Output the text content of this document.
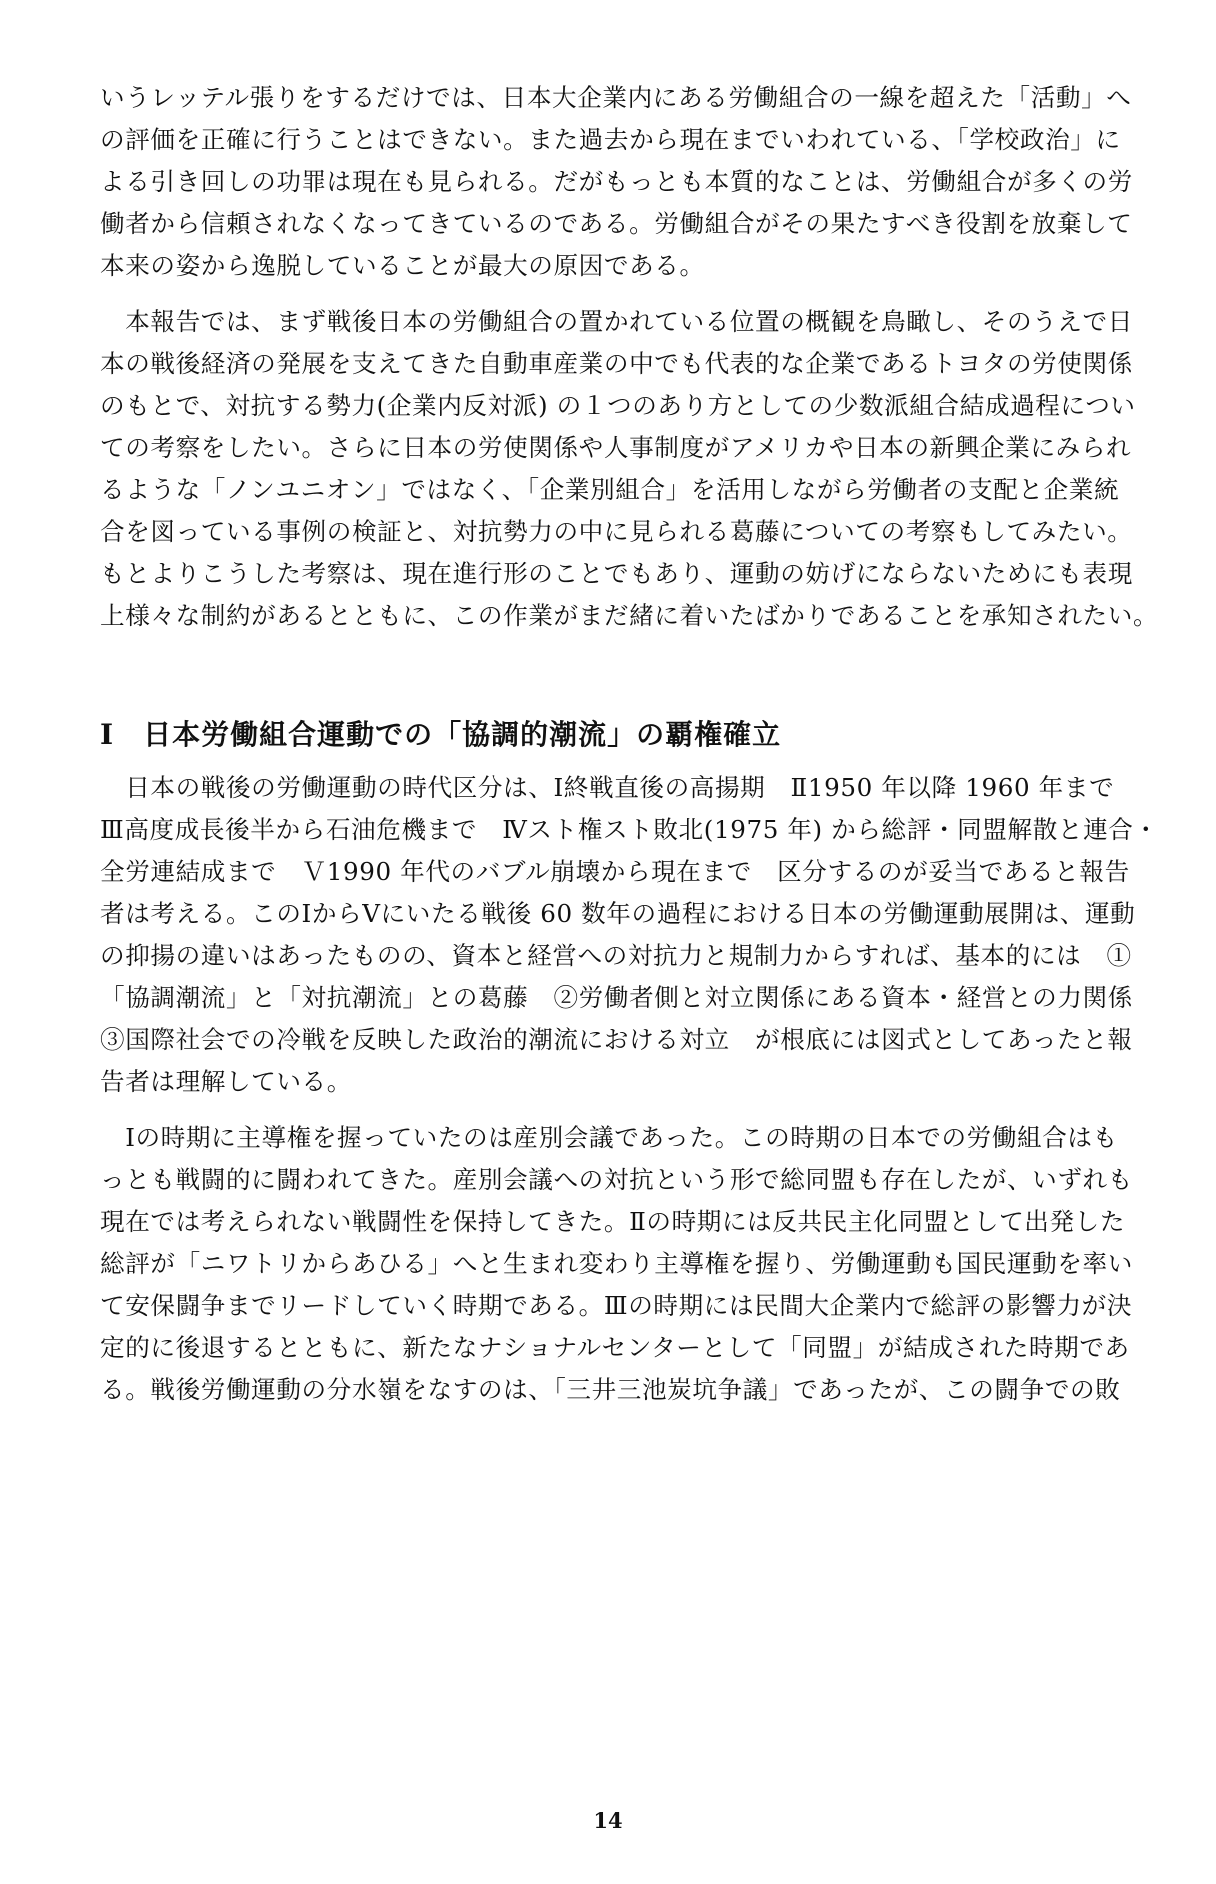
いうレッテル張りをするだけでは、日本大企業内にある労働組合の一線を超えた「活動」へ
の評価を正確に行うことはできない。また過去から現在までいわれている、「学校政治」に
よる引き回しの功罪は現在も見られる。だがもっとも本質的なことは、労働組合が多くの労
働者から信頼されなくなってきているのである。労働組合がその果たすべき役割を放棄して
本来の姿から逸脱していることが最大の原因である。
　本報告では、まず戦後日本の労働組合の置かれている位置の概観を鳥瞰し、そのうえで日
本の戦後経済の発展を支えてきた自動車産業の中でも代表的な企業であるトヨタの労使関係
のもとで、対抗する勢力(企業内反対派) の１つのあり方としての少数派組合結成過程につい
ての考察をしたい。さらに日本の労使関係や人事制度がアメリカや日本の新興企業にみられ
るような「ノンユニオン」ではなく、「企業別組合」を活用しながら労働者の支配と企業統
合を図っている事例の検証と、対抗勢力の中に見られる葛藤についての考察もしてみたい。
もとよりこうした考察は、現在進行形のことでもあり、運動の妨げにならないためにも表現
上様々な制約があるとともに、この作業がまだ緒に着いたばかりであることを承知されたい。
Ⅰ　日本労働組合運動での「協調的潮流」の覇権確立
　日本の戦後の労働運動の時代区分は、Ⅰ終戦直後の高揚期　Ⅱ1950 年以降 1960 年まで
Ⅲ高度成長後半から石油危機まで　Ⅳスト権スト敗北(1975 年) から総評・同盟解散と連合・
全労連結成まで　Ｖ1990 年代のバブル崩壊から現在まで　区分するのが妥当であると報告
者は考える。このⅠからⅤにいたる戦後 60 数年の過程における日本の労働運動展開は、運動
の抑揚の違いはあったものの、資本と経営への対抗力と規制力からすれば、基本的には　①
「協調潮流」と「対抗潮流」との葛藤　②労働者側と対立関係にある資本・経営との力関係
③国際社会での冷戦を反映した政治的潮流における対立　が根底には図式としてあったと報
告者は理解している。
　Ⅰの時期に主導権を握っていたのは産別会議であった。この時期の日本での労働組合はも
っとも戦闘的に闘われてきた。産別会議への対抗という形で総同盟も存在したが、いずれも
現在では考えられない戦闘性を保持してきた。Ⅱの時期には反共民主化同盟として出発した
総評が「ニワトリからあひる」へと生まれ変わり主導権を握り、労働運動も国民運動を率い
て安保闘争までリードしていく時期である。Ⅲの時期には民間大企業内で総評の影響力が決
定的に後退するとともに、新たなナショナルセンターとして「同盟」が結成された時期であ
る。戦後労働運動の分水嶺をなすのは、「三井三池炭坑争議」であったが、この闘争での敗
14
